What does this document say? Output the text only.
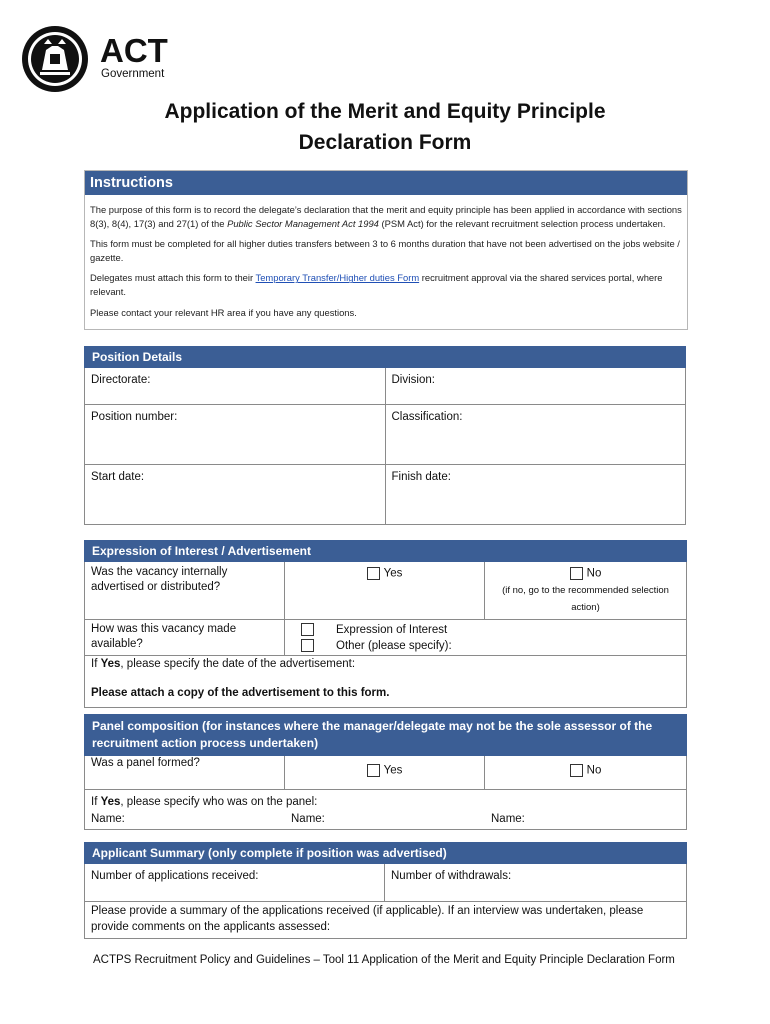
ACT
Government
Application of the Merit and Equity Principle
Declaration Form
Instructions

The purpose of this form is to record the delegate’s declaration that the merit and equity principle has been applied in accordance with sections 8(3), 8(4), 17(3) and 27(1) of the Public Sector Management Act 1994 (PSM Act) for the relevant recruitment selection process undertaken.

This form must be completed for all higher duties transfers between 3 to 6 months duration that have not been advertised on the jobs website / gazette.

Delegates must attach this form to their Temporary Transfer/Higher duties Form recruitment approval via the shared services portal, where relevant.

Please contact your relevant HR area if you have any questions.

Position Details	
Directorate:	Division:
Position number:	Classification:
Start date:	Finish date:
Expression of Interest / Advertisement		
Was the vacancy internally advertised or distributed?	Yes	No
(if no, go to the recommended selection action)

How was this vacancy made available?	Expression of Interest
Other (please specify):	

If Yes, please specify the date of the advertisement:
Please attach a copy of the advertisement to this form.		
Panel composition (for instances where the manager/delegate may not be the sole assessor of the recruitment action process undertaken)
Was a panel formed?	Yes	No

If Yes, please specify who was on the panel:
Name:	Name:	Name:
Applicant Summary (only complete if position was advertised)
Number of applications received:	Number of withdrawals:
Please provide a summary of the applications received (if applicable). If an interview was undertaken, please provide comments on the applicants assessed:
ACTPS Recruitment Policy and Guidelines – Tool 11 Application of the Merit and Equity Principle Declaration Form
